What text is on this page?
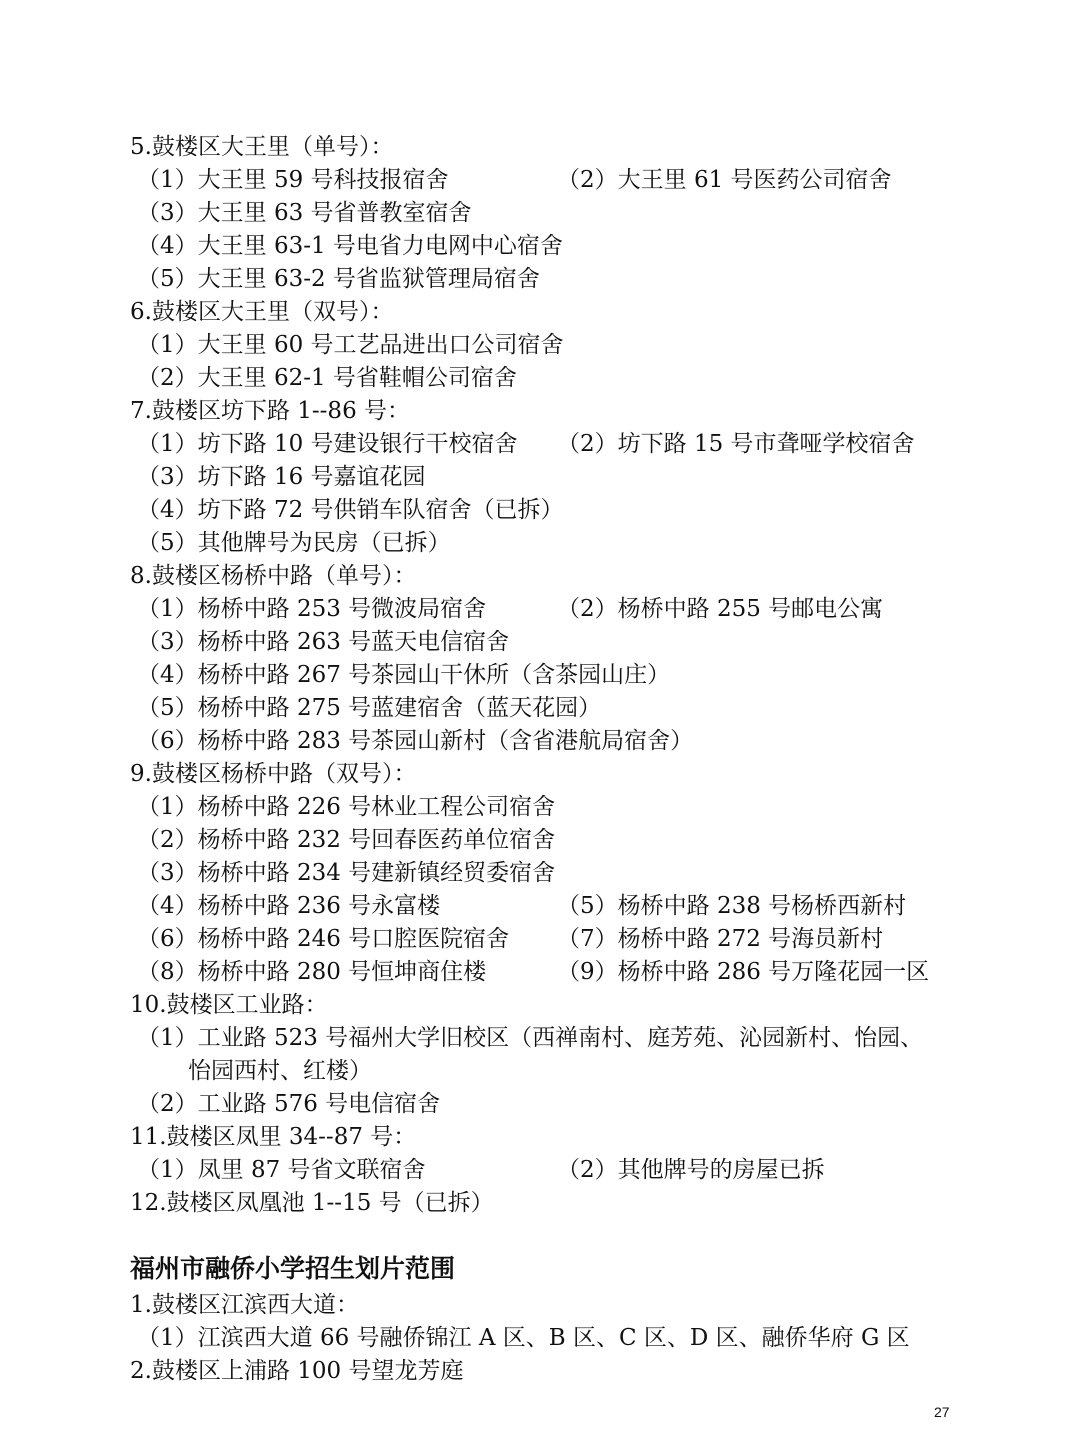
5.鼓楼区大王里（单号）：
（1）大王里 59 号科技报宿舍	（2）大王里 61 号医药公司宿舍
（3）大王里 63 号省普教室宿舍
（4）大王里 63-1 号电省力电网中心宿舍
（5）大王里 63-2 号省监狱管理局宿舍
6.鼓楼区大王里（双号）：
（1）大王里 60 号工艺品进出口公司宿舍
（2）大王里 62-1 号省鞋帽公司宿舍
7.鼓楼区坊下路 1--86 号：
（1）坊下路 10 号建设银行干校宿舍 （2）坊下路 15 号市聋哑学校宿舍
（3）坊下路 16 号嘉谊花园
（4）坊下路 72 号供销车队宿舍（已拆）
（5）其他牌号为民房（已拆）
8.鼓楼区杨桥中路（单号）：
（1）杨桥中路 253 号微波局宿舍	（2）杨桥中路 255 号邮电公寓
（3）杨桥中路 263 号蓝天电信宿舍
（4）杨桥中路 267 号茶园山干休所（含茶园山庄）
（5）杨桥中路 275 号蓝建宿舍（蓝天花园）
（6）杨桥中路 283 号茶园山新村（含省港航局宿舍）
9.鼓楼区杨桥中路（双号）：
（1）杨桥中路 226 号林业工程公司宿舍
（2）杨桥中路 232 号回春医药单位宿舍
（3）杨桥中路 234 号建新镇经贸委宿舍
（4）杨桥中路 236 号永富楼	（5）杨桥中路 238 号杨桥西新村
（6）杨桥中路 246 号口腔医院宿舍 （7）杨桥中路 272 号海员新村
（8）杨桥中路 280 号恒坤商住楼	（9）杨桥中路 286 号万隆花园一区
10.鼓楼区工业路：
（1）工业路 523 号福州大学旧校区（西禅南村、庭芳苑、沁园新村、怡园、
怡园西村、红楼）
（2）工业路 576 号电信宿舍
11.鼓楼区凤里 34--87 号：
（1）凤里 87 号省文联宿舍	（2）其他牌号的房屋已拆
12.鼓楼区凤凰池 1--15 号（已拆）
福州市融侨小学招生划片范围
1.鼓楼区江滨西大道：
（1）江滨西大道 66 号融侨锦江 A 区、B 区、C 区、D 区、融侨华府 G 区
2.鼓楼区上浦路 100 号望龙芳庭
27
